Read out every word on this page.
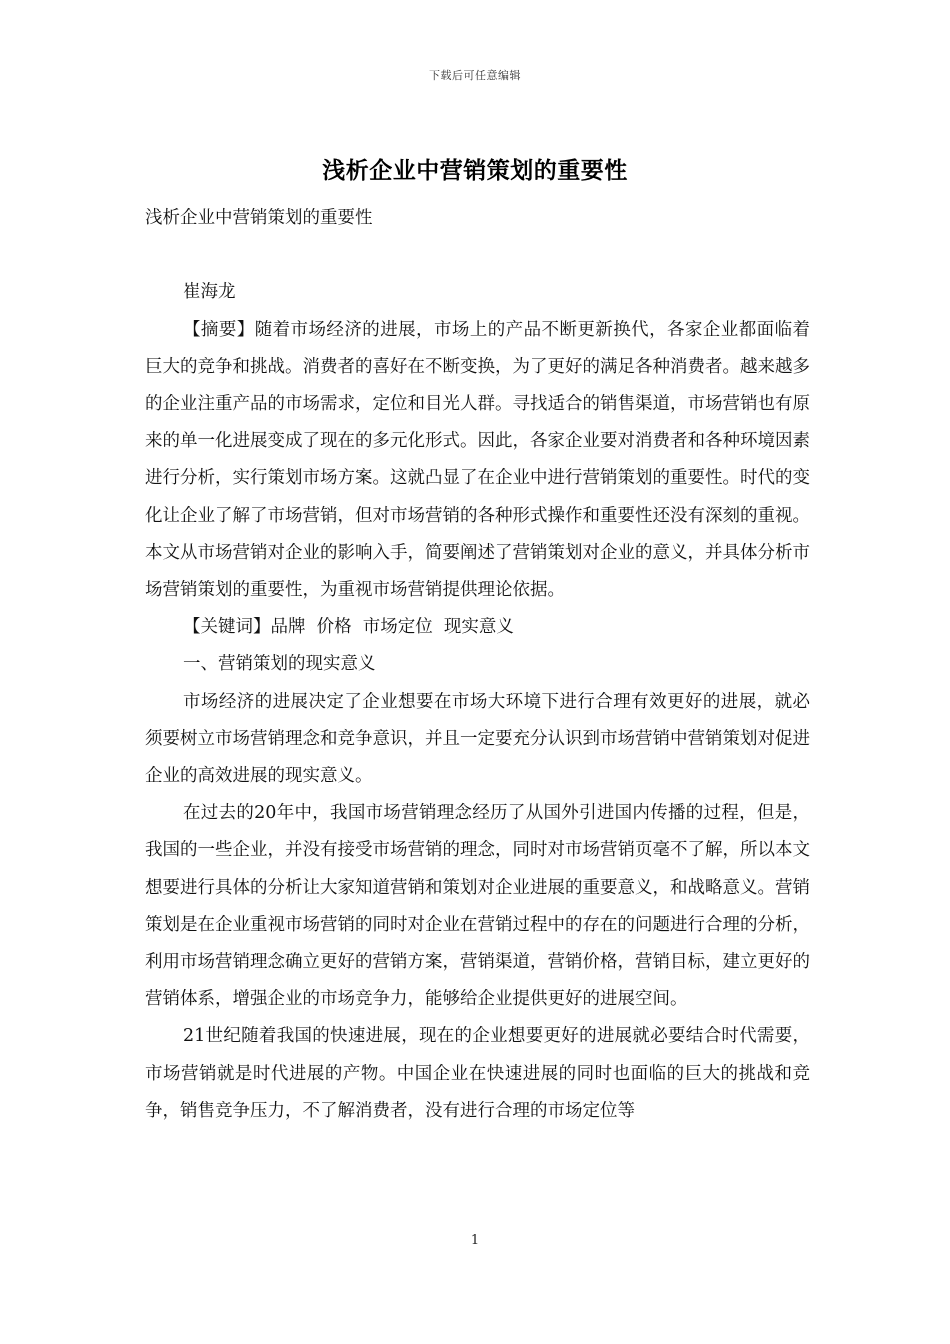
下载后可任意编辑
浅析企业中营销策划的重要性

浅析企业中营销策划的重要性

崔海龙

【摘要】随着市场经济的进展，市场上的产品不断更新换代，各家企业都面临着巨大的竞争和挑战。消费者的喜好在不断变换，为了更好的满足各种消费者。越来越多的企业注重产品的市场需求，定位和目光人群。寻找适合的销售渠道，市场营销也有原来的单一化进展变成了现在的多元化形式。因此，各家企业要对消费者和各种环境因素进行分析，实行策划市场方案。这就凸显了在企业中进行营销策划的重要性。时代的变化让企业了解了市场营销，但对市场营销的各种形式操作和重要性还没有深刻的重视。本文从市场营销对企业的影响入手，简要阐述了营销策划对企业的意义，并具体分析市场营销策划的重要性，为重视市场营销提供理论依据。

【关键词】品牌 价格 市场定位 现实意义

一、营销策划的现实意义

市场经济的进展决定了企业想要在市场大环境下进行合理有效更好的进展，就必须要树立市场营销理念和竞争意识，并且一定要充分认识到市场营销中营销策划对促进企业的高效进展的现实意义。

在过去的20年中，我国市场营销理念经历了从国外引进国内传播的过程，但是，我国的一些企业，并没有接受市场营销的理念，同时对市场营销页毫不了解，所以本文想要进行具体的分析让大家知道营销和策划对企业进展的重要意义，和战略意义。营销策划是在企业重视市场营销的同时对企业在营销过程中的存在的问题进行合理的分析，利用市场营销理念确立更好的营销方案，营销渠道，营销价格，营销目标，建立更好的营销体系，增强企业的市场竞争力，能够给企业提供更好的进展空间。

21世纪随着我国的快速进展，现在的企业想要更好的进展就必要结合时代需要，市场营销就是时代进展的产物。中国企业在快速进展的同时也面临的巨大的挑战和竞争，销售竞争压力，不了解消费者，没有进行合理的市场定位等

1
